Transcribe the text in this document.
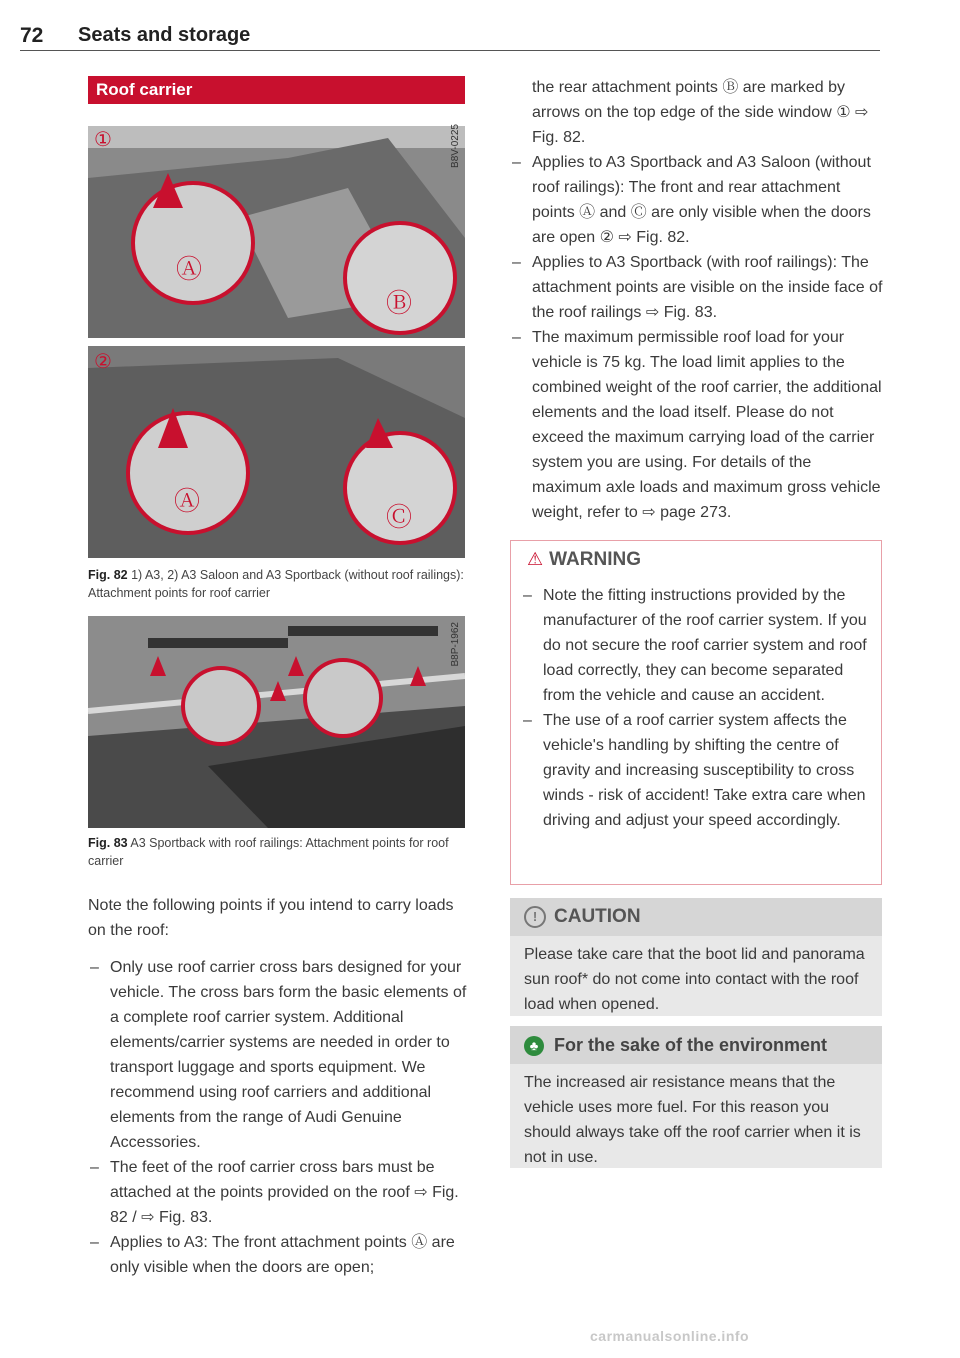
72 Seats and storage
Roof carrier
①
②
Ⓐ
Ⓑ
Ⓐ
Ⓒ
B8V-0225
Fig. 82 1) A3, 2) A3 Saloon and A3 Sportback (without roof railings): Attachment points for roof carrier
B8P-1962
Fig. 83 A3 Sportback with roof railings: Attachment points for roof carrier

Note the following points if you intend to carry loads on the roof:

– Only use roof carrier cross bars designed for your vehicle. The cross bars form the basic elements of a complete roof carrier system. Additional elements/carrier systems are needed in order to transport luggage and sports equipment. We recommend using roof carriers and additional elements from the range of Audi Genuine Accessories.

– The feet of the roof carrier cross bars must be attached at the points provided on the roof ⇨ Fig. 82 / ⇨ Fig. 83.

– Applies to A3: The front attachment points Ⓐ are only visible when the doors are open;

the rear attachment points Ⓑ are marked by arrows on the top edge of the side window ① ⇨ Fig. 82.

– Applies to A3 Sportback and A3 Saloon (without roof railings): The front and rear attachment points Ⓐ and Ⓒ are only visible when the doors are open ② ⇨ Fig. 82.

– Applies to A3 Sportback (with roof railings): The attachment points are visible on the inside face of the roof railings ⇨ Fig. 83.

– The maximum permissible roof load for your vehicle is 75 kg. The load limit applies to the combined weight of the roof carrier, the additional elements and the load itself. Please do not exceed the maximum carrying load of the carrier system you are using. For details of the maximum axle loads and maximum gross vehicle weight, refer to ⇨ page 273.

⚠ WARNING

– Note the fitting instructions provided by the manufacturer of the roof carrier system. If you do not secure the roof carrier system and roof load correctly, they can become separated from the vehicle and cause an accident.

– The use of a roof carrier system affects the vehicle's handling by shifting the centre of gravity and increasing susceptibility to cross winds - risk of accident! Take extra care when driving and adjust your speed accordingly.

! CAUTION
Please take care that the boot lid and panorama sun roof* do not come into contact with the roof load when opened.
♣ For the sake of the environment
The increased air resistance means that the vehicle uses more fuel. For this reason you should always take off the roof carrier when it is not in use.
carmanualsonline.info
